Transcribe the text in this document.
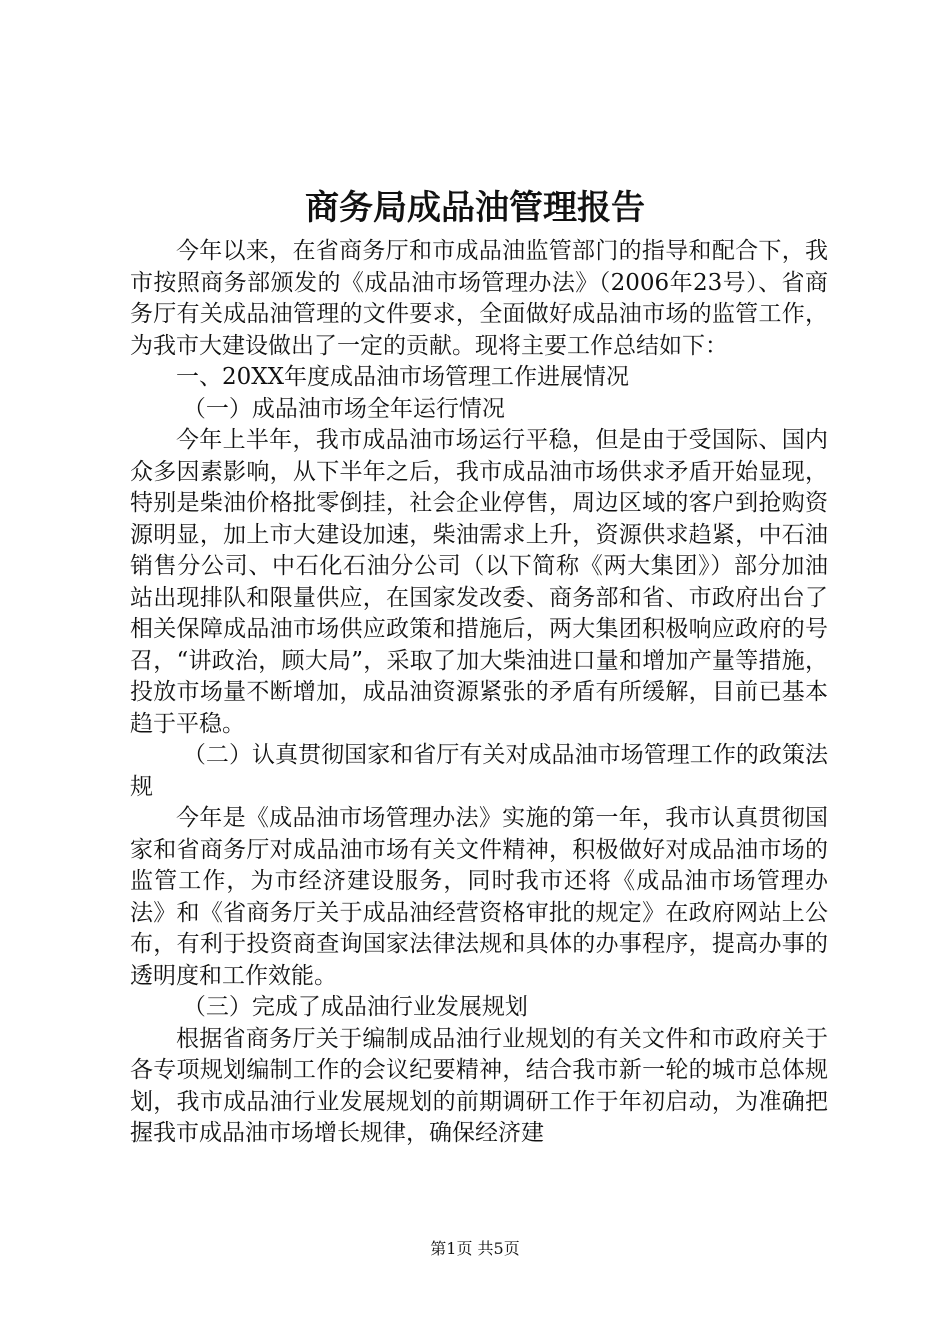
商务局成品油管理报告

今年以来，在省商务厅和市成品油监管部门的指导和配合下，我市按照商务部颁发的《成品油市场管理办法》（2006年23号）、省商务厅有关成品油管理的文件要求，全面做好成品油市场的监管工作，为我市大建设做出了一定的贡献。现将主要工作总结如下：

一、20XX年度成品油市场管理工作进展情况

（一）成品油市场全年运行情况

今年上半年，我市成品油市场运行平稳，但是由于受国际、国内众多因素影响，从下半年之后，我市成品油市场供求矛盾开始显现，特别是柴油价格批零倒挂，社会企业停售，周边区域的客户到抢购资源明显，加上市大建设加速，柴油需求上升，资源供求趋紧，中石油销售分公司、中石化石油分公司（以下简称《两大集团》）部分加油站出现排队和限量供应，在国家发改委、商务部和省、市政府出台了相关保障成品油市场供应政策和措施后，两大集团积极响应政府的号召，“讲政治，顾大局”，采取了加大柴油进口量和增加产量等措施，投放市场量不断增加，成品油资源紧张的矛盾有所缓解，目前已基本趋于平稳。

（二）认真贯彻国家和省厅有关对成品油市场管理工作的政策法规

今年是《成品油市场管理办法》实施的第一年，我市认真贯彻国家和省商务厅对成品油市场有关文件精神，积极做好对成品油市场的监管工作，为市经济建设服务，同时我市还将《成品油市场管理办法》和《省商务厅关于成品油经营资格审批的规定》在政府网站上公布，有利于投资商查询国家法律法规和具体的办事程序，提高办事的透明度和工作效能。

（三）完成了成品油行业发展规划

根据省商务厅关于编制成品油行业规划的有关文件和市政府关于各专项规划编制工作的会议纪要精神，结合我市新一轮的城市总体规划，我市成品油行业发展规划的前期调研工作于年初启动，为准确把握我市成品油市场增长规律，确保经济建

第1页 共5页
